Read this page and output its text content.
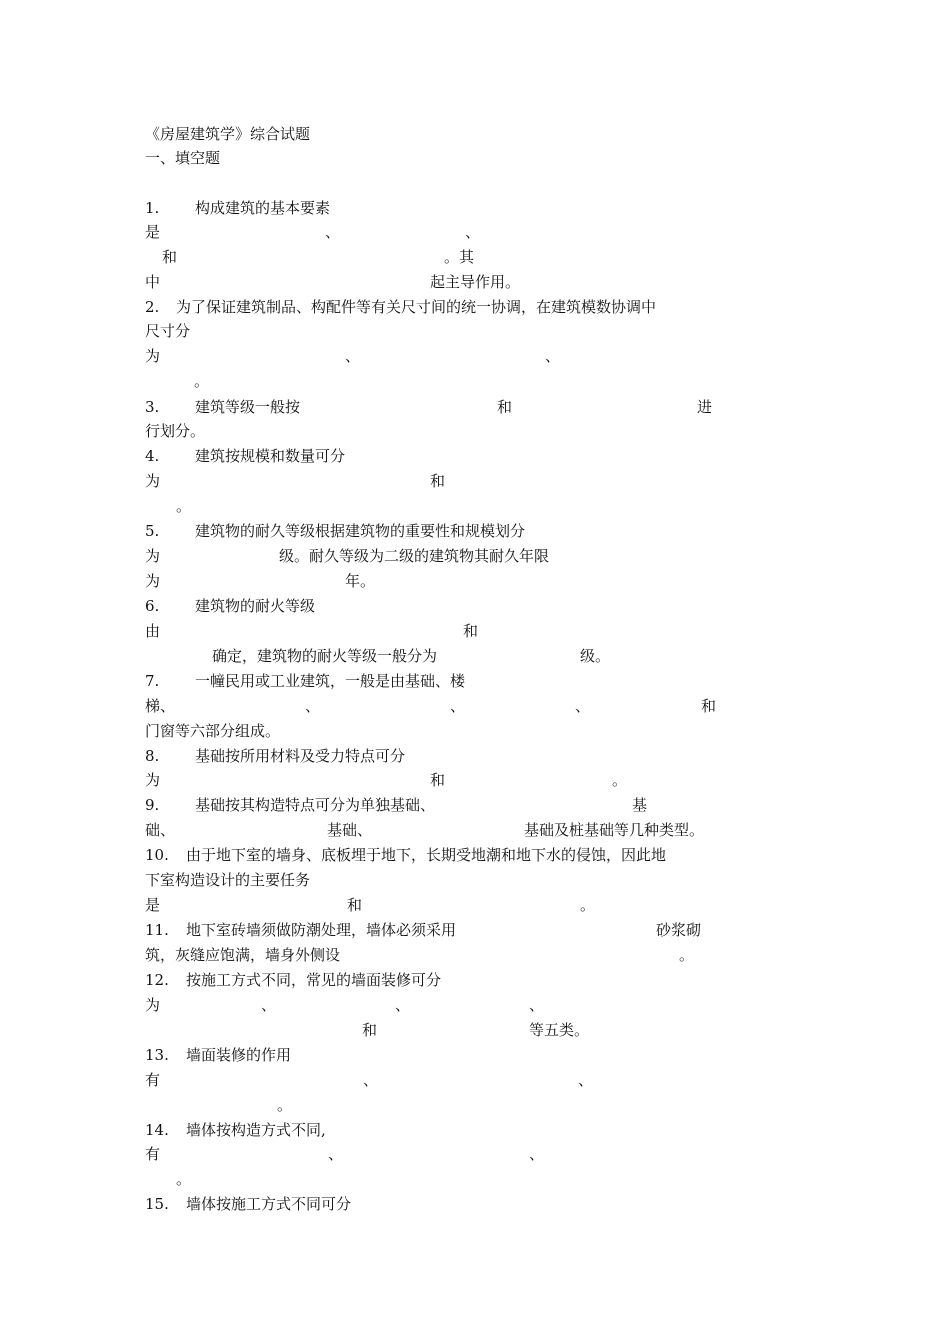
《房屋建筑学》综合试题
一、填空题
1. 构成建筑的基本要素
是	、	、
和	。其
中	起主导作用。
2. 为了保证建筑制品、构配件等有关尺寸间的统一协调，在建筑模数协调中
尺寸分
为	、	、
。
3. 建筑等级一般按	和	进
行划分。
4. 建筑按规模和数量可分
为	和
。
5. 建筑物的耐久等级根据建筑物的重要性和规模划分
为	级。耐久等级为二级的建筑物其耐久年限
为	年。
6. 建筑物的耐火等级
由	和
确定，建筑物的耐火等级一般分为	级。
7. 一幢民用或工业建筑，一般是由基础、楼
梯、	、	、	、	和
门窗等六部分组成。
8. 基础按所用材料及受力特点可分
为	和	。
9. 基础按其构造特点可分为单独基础、	基
础、	基础、	基础及桩基础等几种类型。
10. 由于地下室的墙身、底板埋于地下，长期受地潮和地下水的侵蚀，因此地
下室构造设计的主要任务
是	和	。
11. 地下室砖墙须做防潮处理，墙体必须采用	砂浆砌
筑，灰缝应饱满，墙身外侧设	。
12. 按施工方式不同，常见的墙面装修可分
为	、	、	、
和	等五类。
13. 墙面装修的作用
有	、	、
。
14. 墙体按构造方式不同,
有	、	、
。
15. 墙体按施工方式不同可分
